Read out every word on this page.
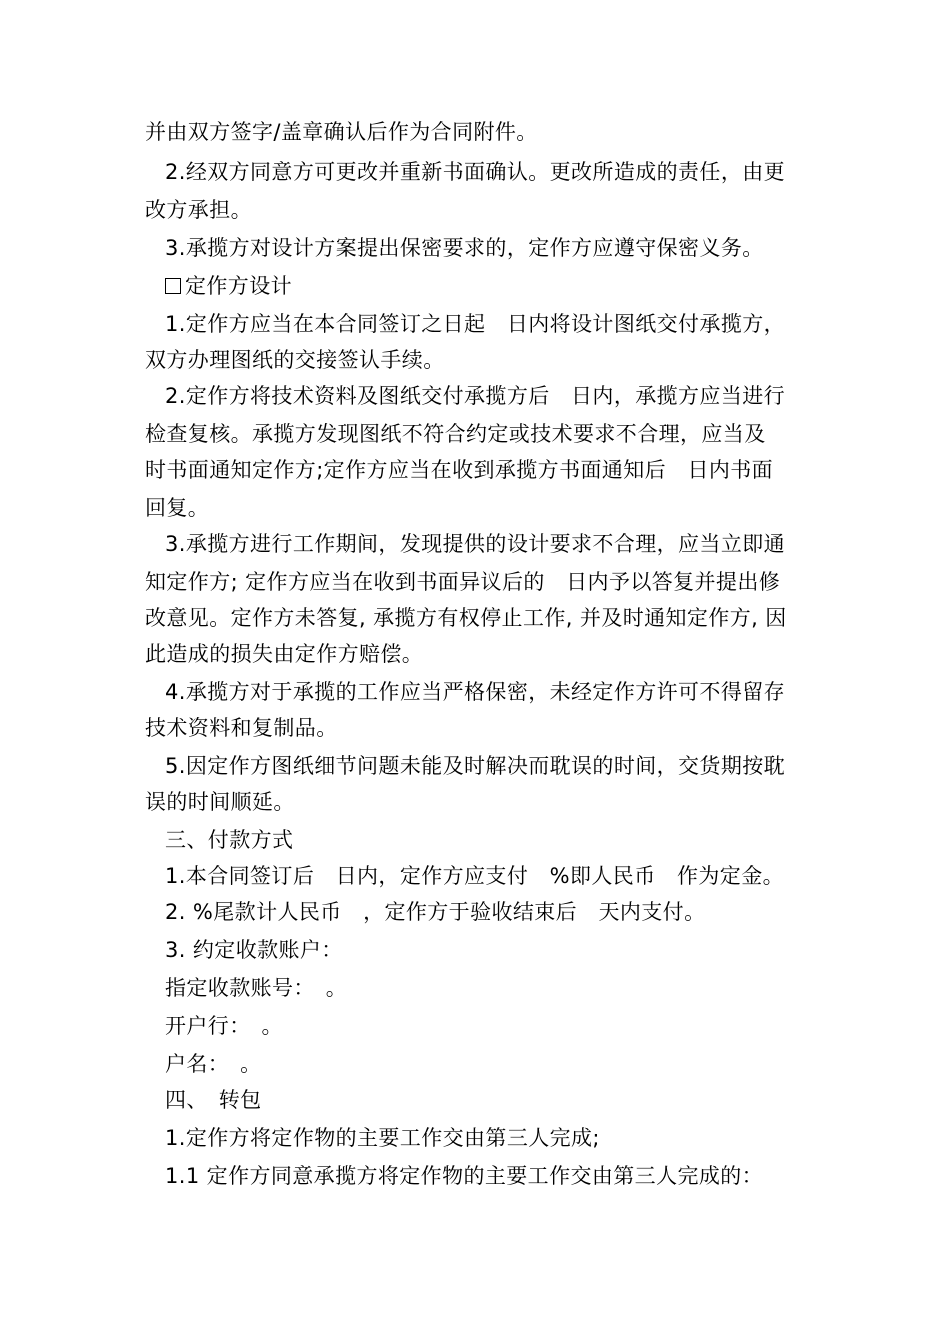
并由双方签字/盖章确认后作为合同附件。
2.经双方同意方可更改并重新书面确认。更改所造成的责任，由更
改方承担。
3.承揽方对设计方案提出保密要求的，定作方应遵守保密义务。
定作方设计
1.定作方应当在本合同签订之日起　日内将设计图纸交付承揽方，
双方办理图纸的交接签认手续。
2.定作方将技术资料及图纸交付承揽方后　日内，承揽方应当进行
检查复核。承揽方发现图纸不符合约定或技术要求不合理，应当及
时书面通知定作方;定作方应当在收到承揽方书面通知后　日内书面
回复。
3.承揽方进行工作期间，发现提供的设计要求不合理，应当立即通
知定作方; 定作方应当在收到书面异议后的　日内予以答复并提出修
改意见。定作方未答复, 承揽方有权停止工作, 并及时通知定作方, 因
此造成的损失由定作方赔偿。
4.承揽方对于承揽的工作应当严格保密，未经定作方许可不得留存
技术资料和复制品。
5.因定作方图纸细节问题未能及时解决而耽误的时间，交货期按耽
误的时间顺延。
三、付款方式
1.本合同签订后　日内，定作方应支付　%即人民币　作为定金。
2. %尾款计人民币　，定作方于验收结束后　天内支付。
3. 约定收款账户：
指定收款账号：　。
开户行：　。
户名：　。
四、　转包
1.定作方将定作物的主要工作交由第三人完成;
1.1 定作方同意承揽方将定作物的主要工作交由第三人完成的：
